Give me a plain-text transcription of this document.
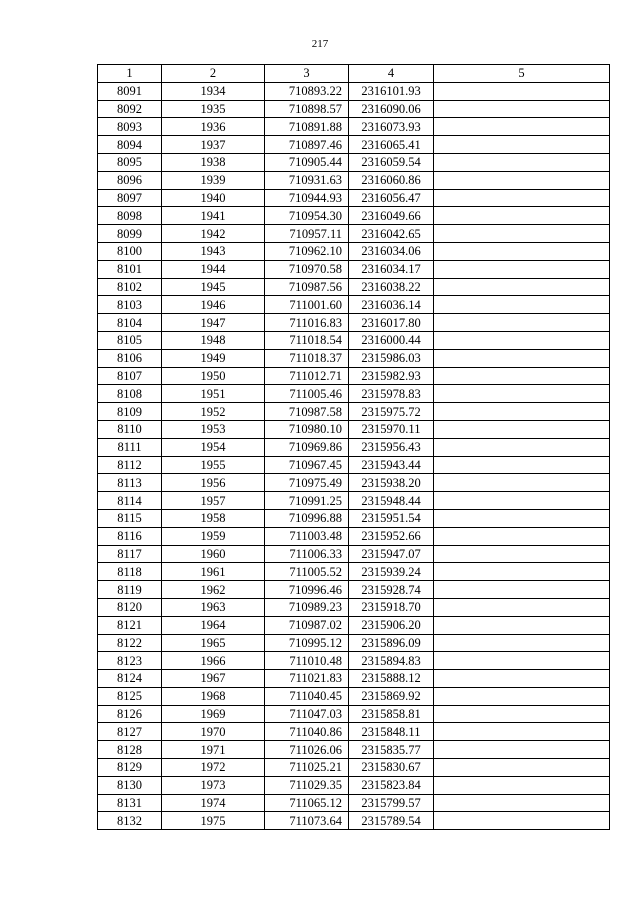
217
1	2	3	4	5
8091	1934	710893.22	2316101.93	
8092	1935	710898.57	2316090.06	
8093	1936	710891.88	2316073.93	
8094	1937	710897.46	2316065.41	
8095	1938	710905.44	2316059.54	
8096	1939	710931.63	2316060.86	
8097	1940	710944.93	2316056.47	
8098	1941	710954.30	2316049.66	
8099	1942	710957.11	2316042.65	
8100	1943	710962.10	2316034.06	
8101	1944	710970.58	2316034.17	
8102	1945	710987.56	2316038.22	
8103	1946	711001.60	2316036.14	
8104	1947	711016.83	2316017.80	
8105	1948	711018.54	2316000.44	
8106	1949	711018.37	2315986.03	
8107	1950	711012.71	2315982.93	
8108	1951	711005.46	2315978.83	
8109	1952	710987.58	2315975.72	
8110	1953	710980.10	2315970.11	
8111	1954	710969.86	2315956.43	
8112	1955	710967.45	2315943.44	
8113	1956	710975.49	2315938.20	
8114	1957	710991.25	2315948.44	
8115	1958	710996.88	2315951.54	
8116	1959	711003.48	2315952.66	
8117	1960	711006.33	2315947.07	
8118	1961	711005.52	2315939.24	
8119	1962	710996.46	2315928.74	
8120	1963	710989.23	2315918.70	
8121	1964	710987.02	2315906.20	
8122	1965	710995.12	2315896.09	
8123	1966	711010.48	2315894.83	
8124	1967	711021.83	2315888.12	
8125	1968	711040.45	2315869.92	
8126	1969	711047.03	2315858.81	
8127	1970	711040.86	2315848.11	
8128	1971	711026.06	2315835.77	
8129	1972	711025.21	2315830.67	
8130	1973	711029.35	2315823.84	
8131	1974	711065.12	2315799.57	
8132	1975	711073.64	2315789.54	
